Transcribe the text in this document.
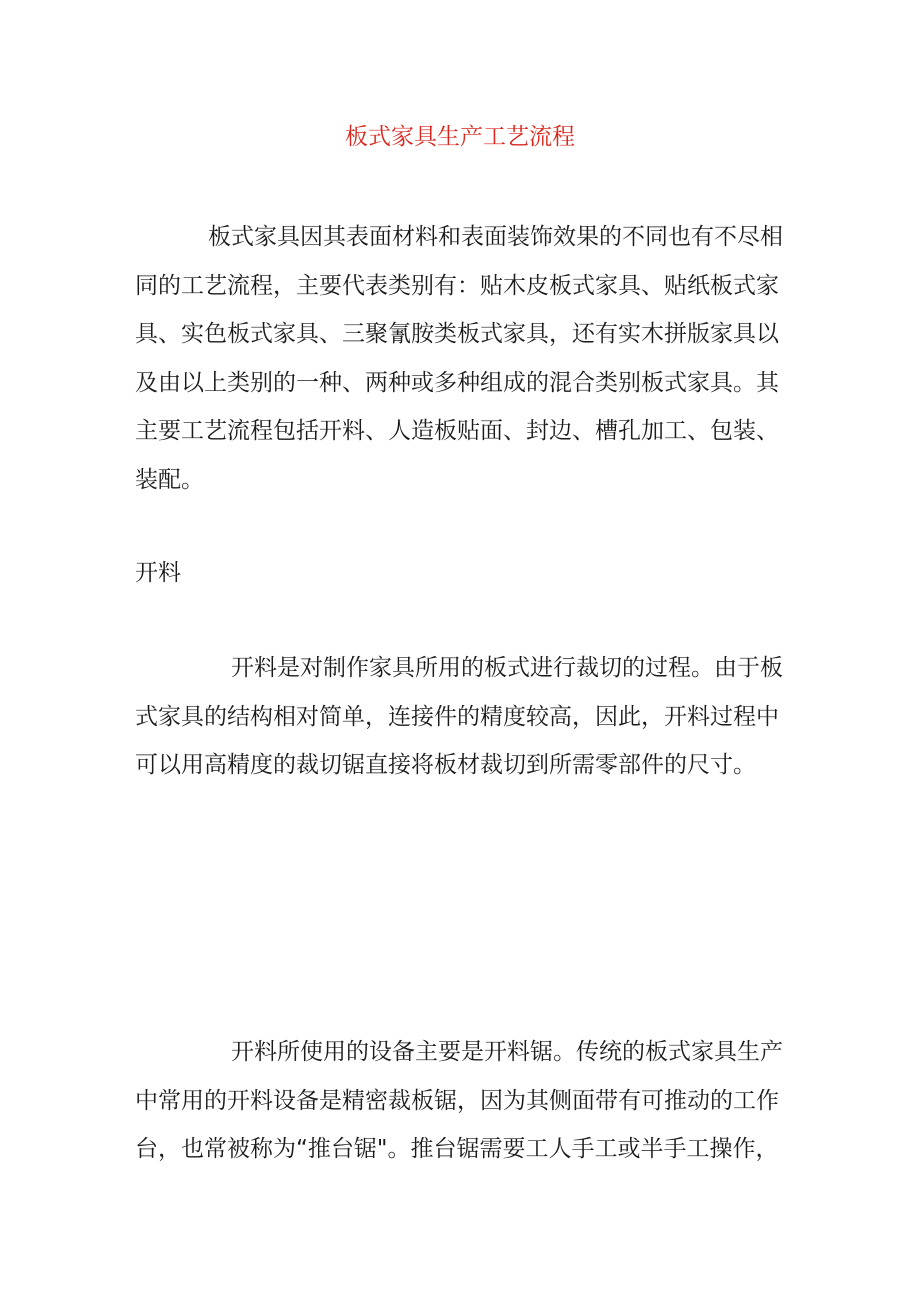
板式家具生产工艺流程

板式家具因其表面材料和表面装饰效果的不同也有不尽相
同的工艺流程，主要代表类别有：贴木皮板式家具、贴纸板式家
具、实色板式家具、三聚氰胺类板式家具，还有实木拼版家具以
及由以上类别的一种、两种或多种组成的混合类别板式家具。其
主要工艺流程包括开料、人造板贴面、封边、槽孔加工、包装、
装配。

开料

开料是对制作家具所用的板式进行裁切的过程。由于板
式家具的结构相对简单，连接件的精度较高，因此，开料过程中
可以用高精度的裁切锯直接将板材裁切到所需零部件的尺寸。

开料所使用的设备主要是开料锯。传统的板式家具生产
中常用的开料设备是精密裁板锯，因为其侧面带有可推动的工作
台，也常被称为“推台锯"。推台锯需要工人手工或半手工操作，
